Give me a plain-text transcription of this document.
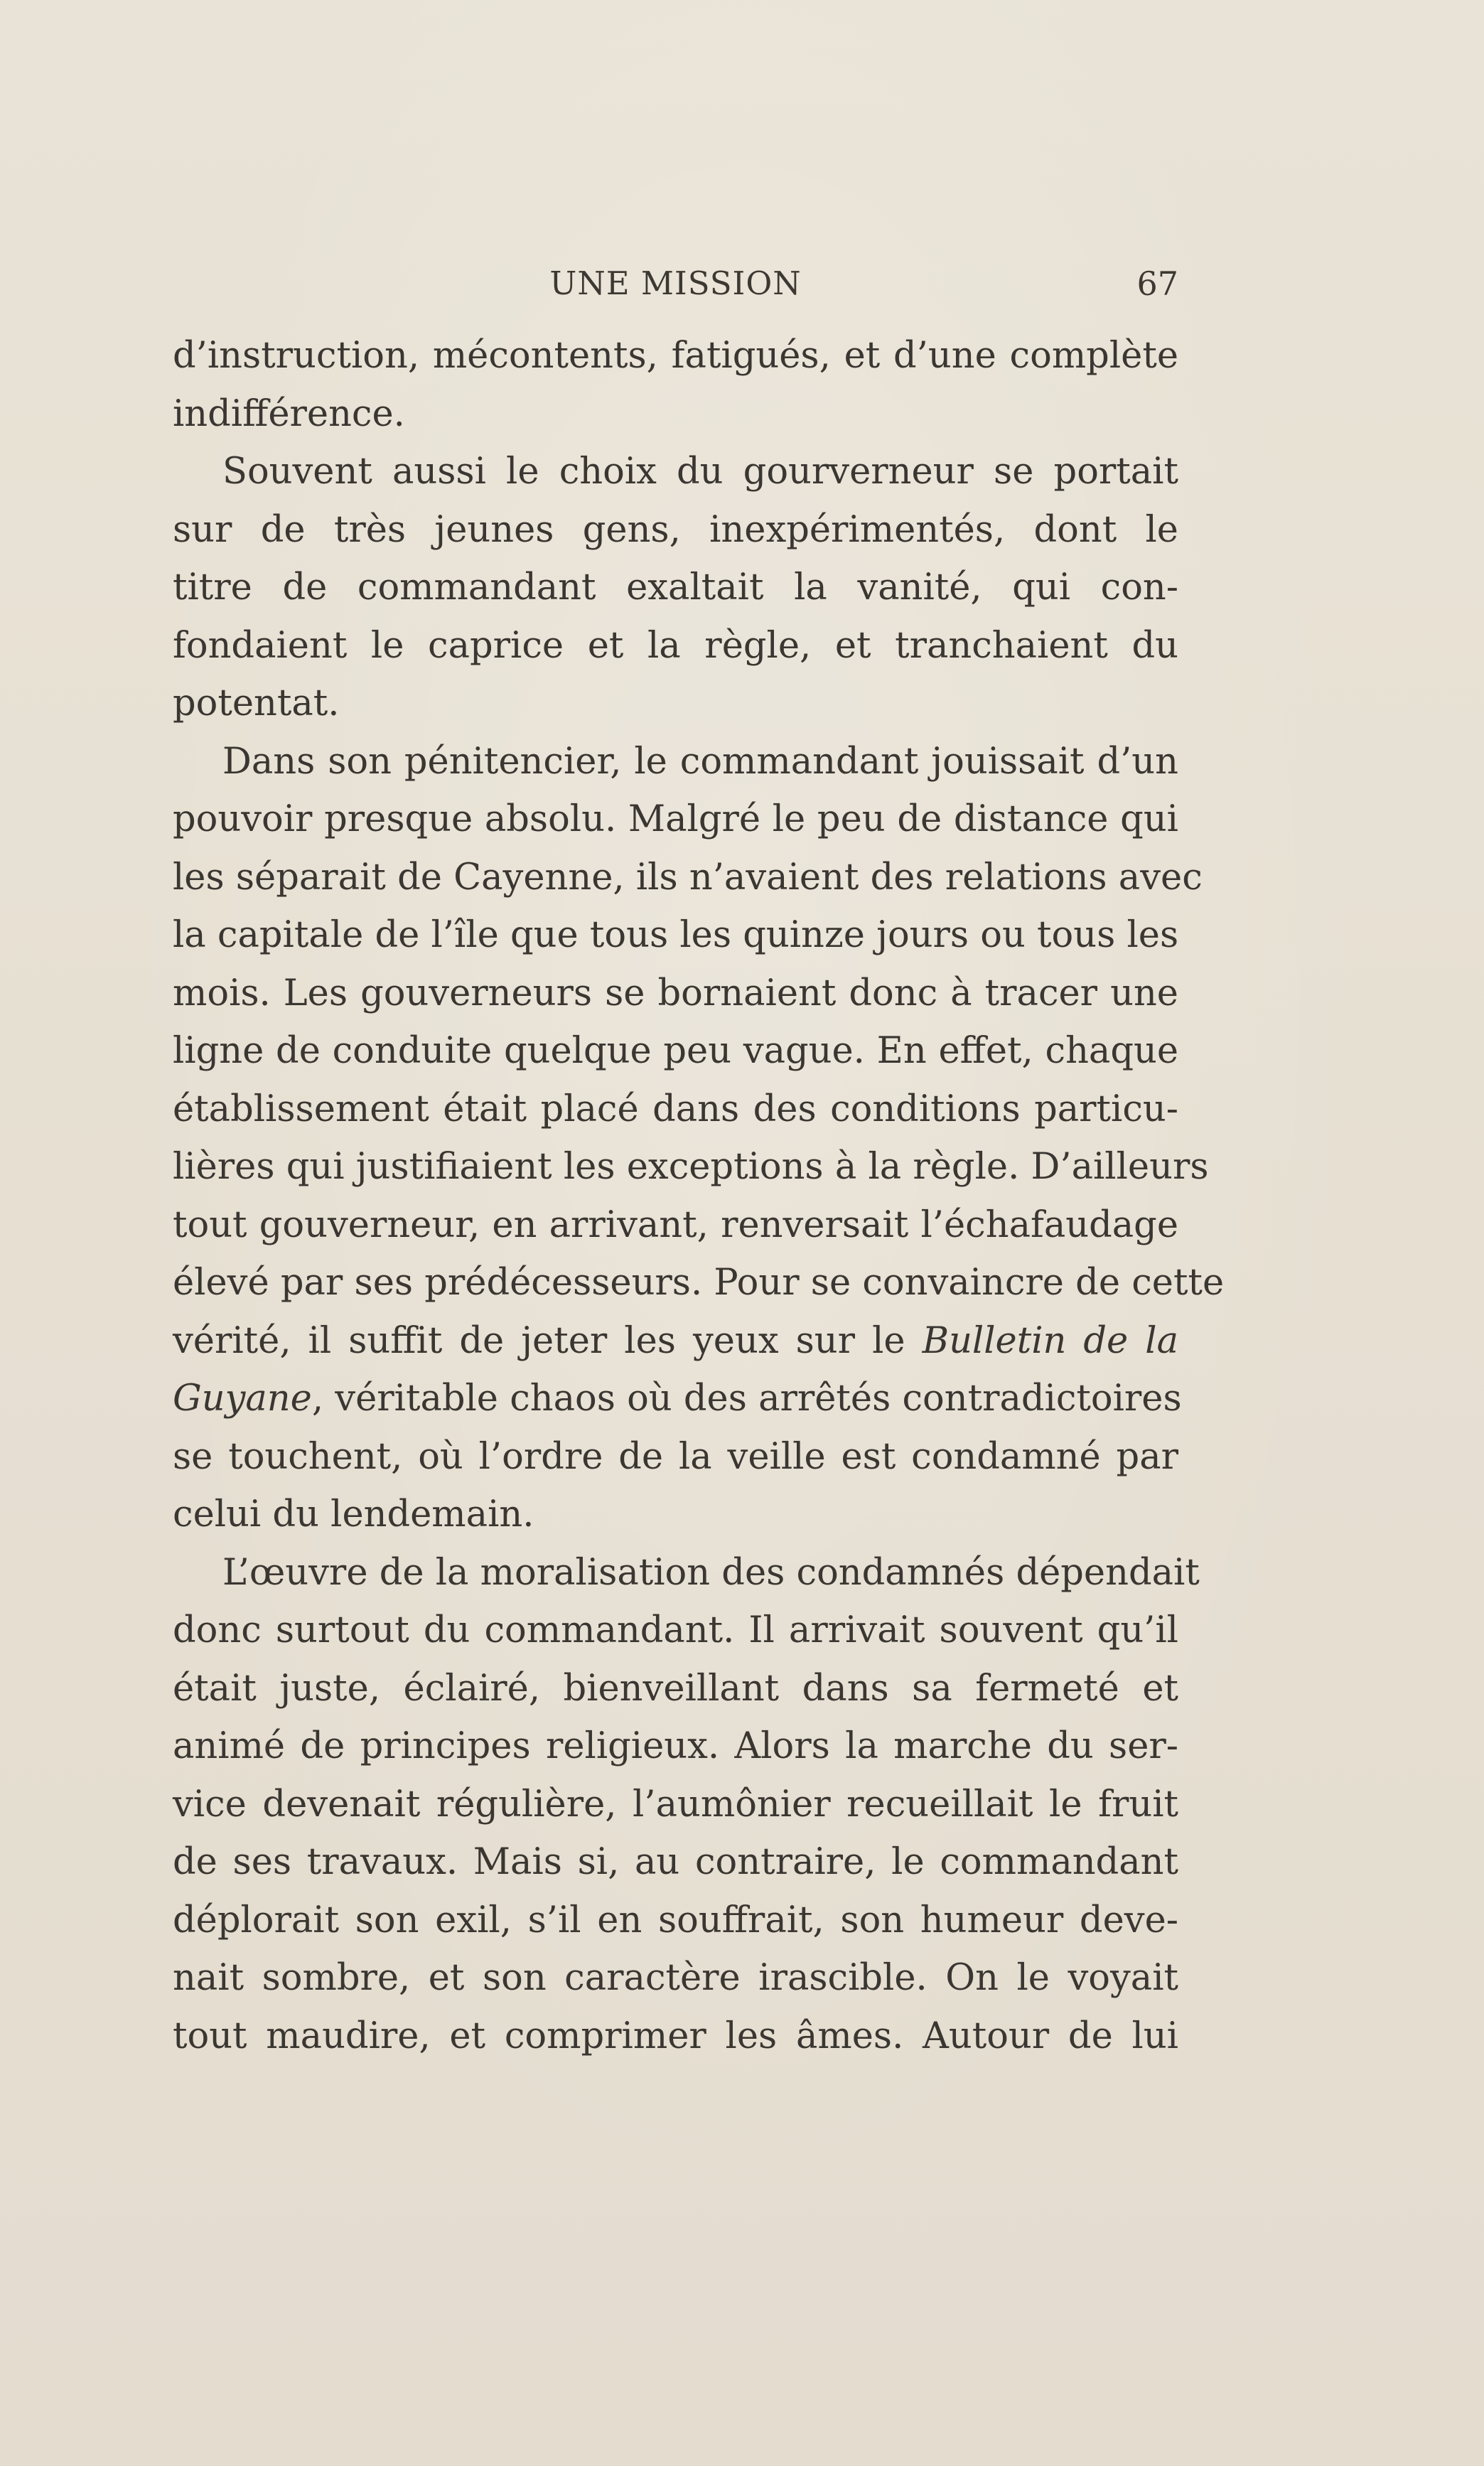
UNE MISSION	67
d’instruction, mécontents, fatigués, et d’une complète
indifférence.
Souvent aussi le choix du gourverneur se portait
sur de très jeunes gens, inexpérimentés, dont le
titre de commandant exaltait la vanité, qui con-
fondaient le caprice et la règle, et tranchaient du
potentat.
Dans son pénitencier, le commandant jouissait d’un
pouvoir presque absolu. Malgré le peu de distance qui
les séparait de Cayenne, ils n’avaient des relations avec
la capitale de l’île que tous les quinze jours ou tous les
mois. Les gouverneurs se bornaient donc à tracer une
ligne de conduite quelque peu vague. En effet, chaque
établissement était placé dans des conditions particu-
lières qui justifiaient les exceptions à la règle. D’ailleurs
tout gouverneur, en arrivant, renversait l’échafaudage
élevé par ses prédécesseurs. Pour se convaincre de cette
vérité, il suffit de jeter les yeux sur le Bulletin de la
Guyane, véritable chaos où des arrêtés contradictoires
se touchent, où l’ordre de la veille est condamné par
celui du lendemain.
L’œuvre de la moralisation des condamnés dépendait
donc surtout du commandant. Il arrivait souvent qu’il
était juste, éclairé, bienveillant dans sa fermeté et
animé de principes religieux. Alors la marche du ser-
vice devenait régulière, l’aumônier recueillait le fruit
de ses travaux. Mais si, au contraire, le commandant
déplorait son exil, s’il en souffrait, son humeur deve-
nait sombre, et son caractère irascible. On le voyait
tout maudire, et comprimer les âmes. Autour de lui
